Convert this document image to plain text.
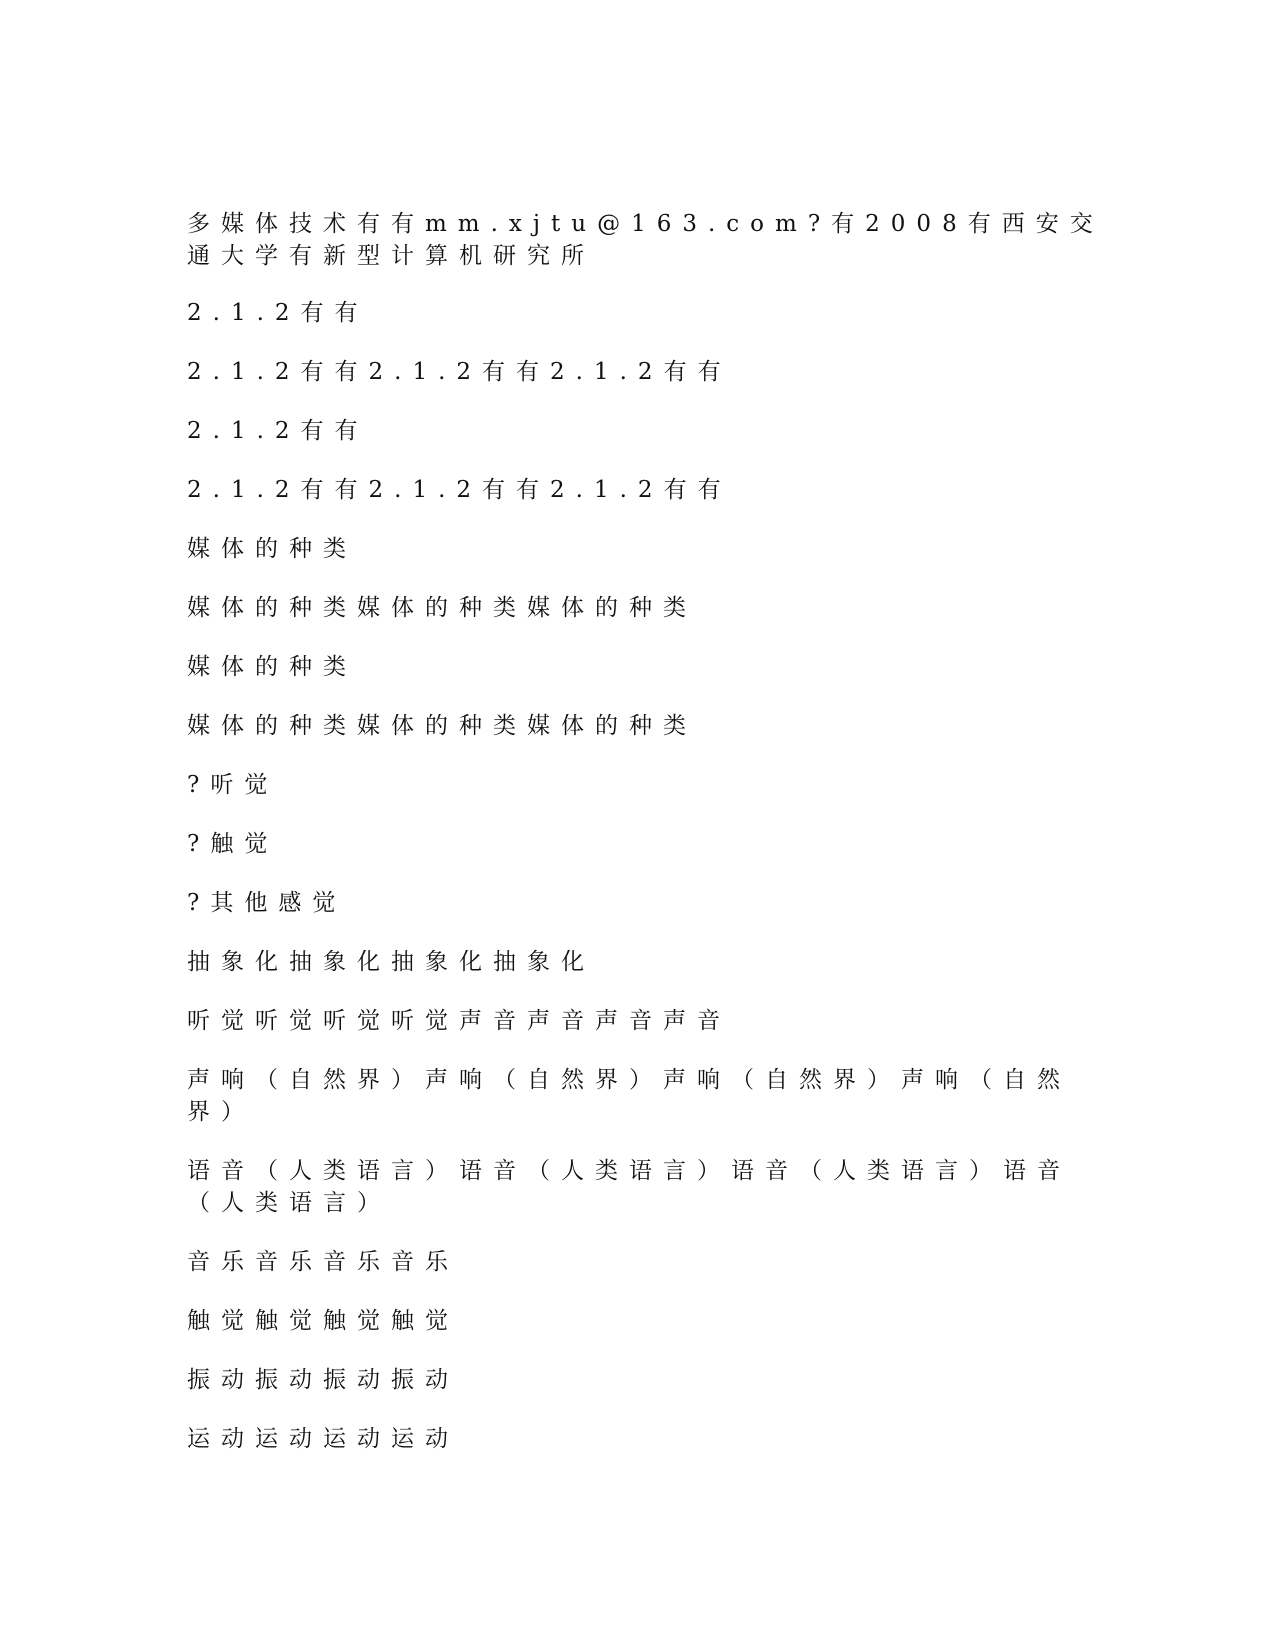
多媒体技术有有mm.xjtu@163.com?有2008有西安交通大学有新型计算机研究所

2.1.2有有

2.1.2有有2.1.2有有2.1.2有有

2.1.2有有

2.1.2有有2.1.2有有2.1.2有有

媒体的种类

媒体的种类媒体的种类媒体的种类

媒体的种类

媒体的种类媒体的种类媒体的种类

?听觉

?触觉

?其他感觉

抽象化抽象化抽象化抽象化

听觉听觉听觉听觉声音声音声音声音

声响（自然界）声响（自然界）声响（自然界）声响（自然界）

语音（人类语言）语音（人类语言）语音（人类语言）语音（人类语言）

音乐音乐音乐音乐

触觉触觉触觉触觉

振动振动振动振动

运动运动运动运动
